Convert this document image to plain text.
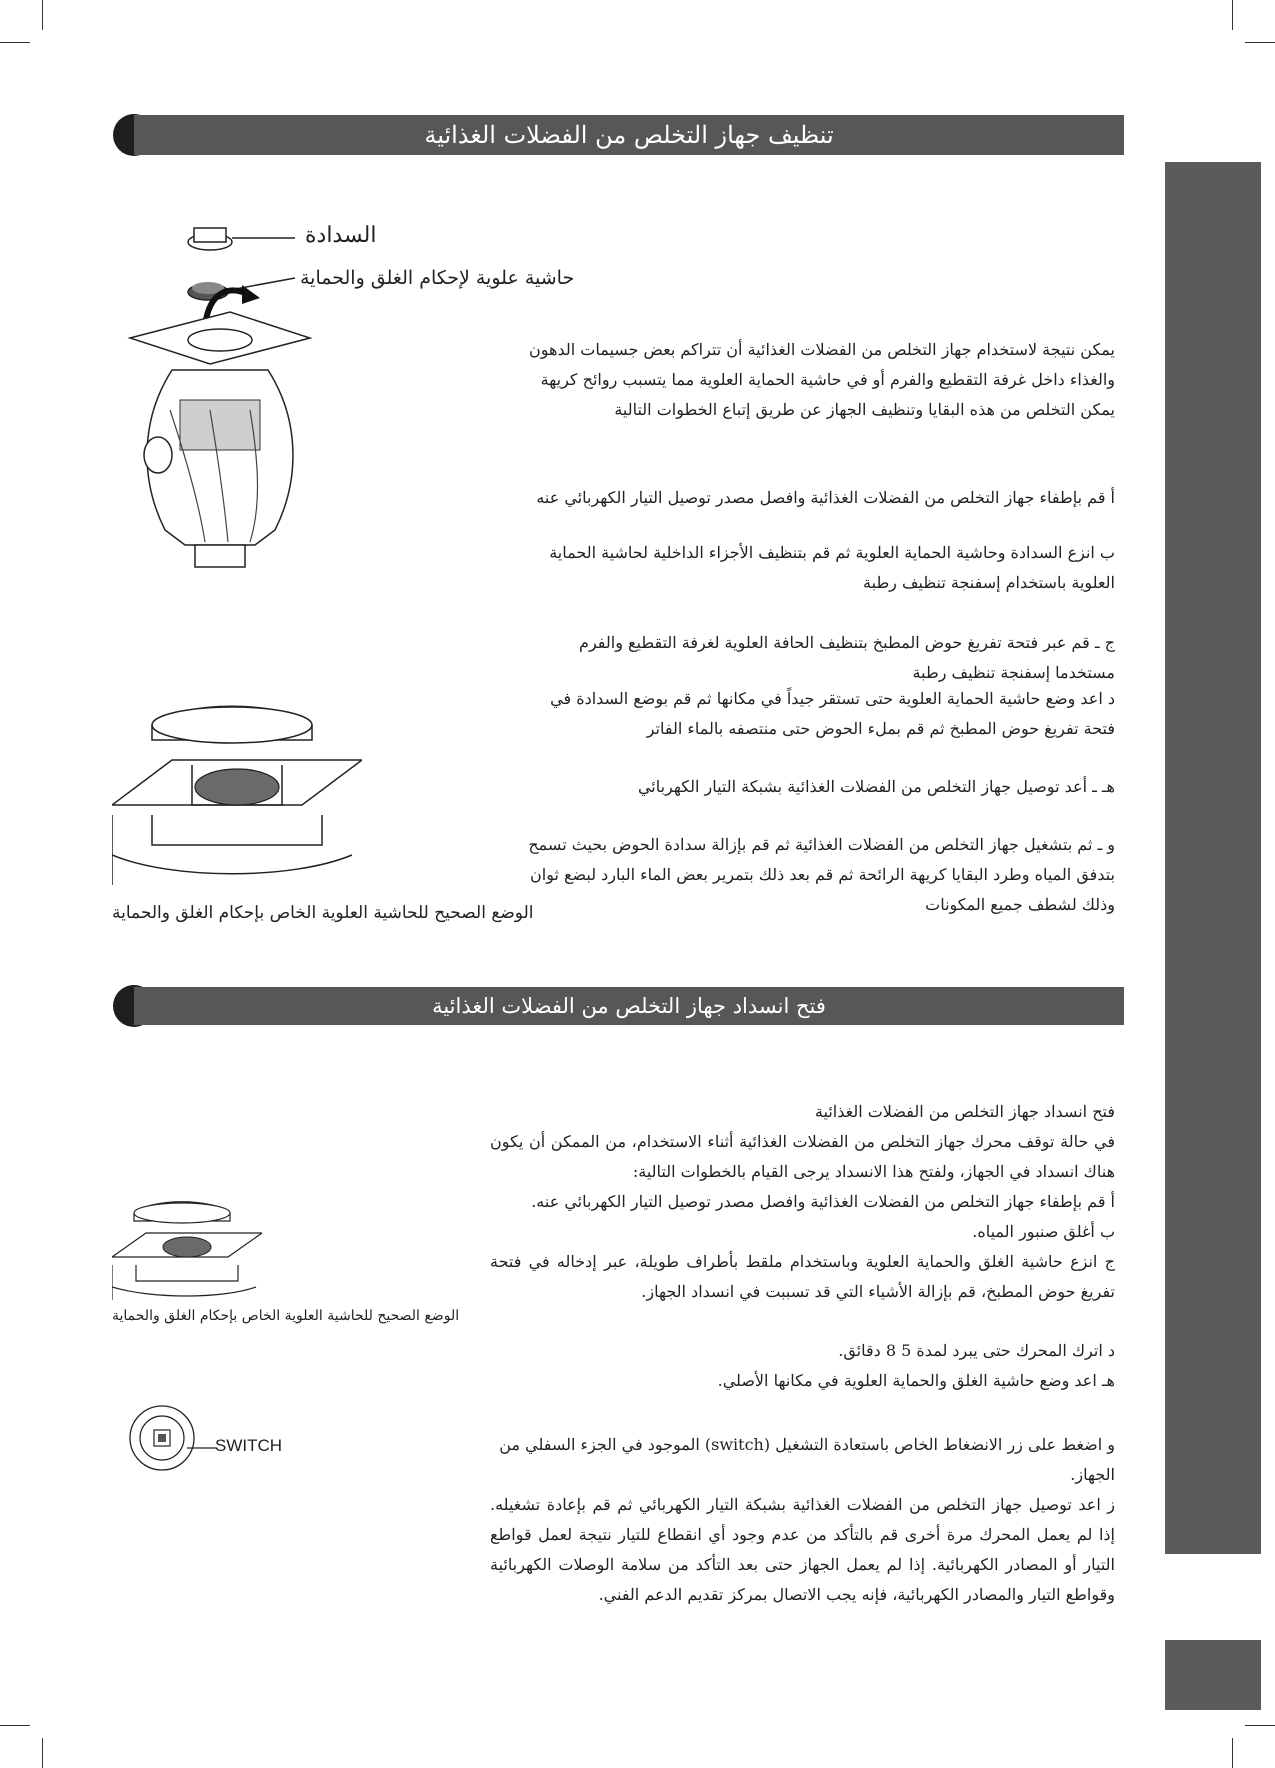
تنظيف جهاز التخلص من الفضلات الغذائية
السدادة
حاشية علوية لإحكام الغلق والحماية
يمكن نتيجة لاستخدام جهاز التخلص من الفضلات الغذائية أن تتراكم بعض جسيمات الدهون والغذاء داخل غرفة التقطيع والفرم أو في حاشية الحماية العلوية مما يتسبب روائح كريهة يمكن التخلص من هذه البقايا وتنظيف الجهاز عن طريق إتباع الخطوات التالية
أ قم بإطفاء جهاز التخلص من الفضلات الغذائية وافصل مصدر توصيل التيار الكهربائي عنه
ب انزع السدادة وحاشية الحماية العلوية ثم قم بتنظيف الأجزاء الداخلية لحاشية الحماية العلوية باستخدام إسفنجة تنظيف رطبة
ج ـ قم عبر فتحة تفريغ حوض المطبخ بتنظيف الحافة العلوية لغرفة التقطيع والفرم مستخدما إسفنجة تنظيف رطبة
د اعد وضع حاشية الحماية العلوية حتى تستقر جيداً في مكانها ثم قم بوضع السدادة في فتحة تفريغ حوض المطبخ ثم قم بملء الحوض حتى منتصفه بالماء الفاتر
هـ ـ أعد توصيل جهاز التخلص من الفضلات الغذائية بشبكة التيار الكهربائي
و ـ ثم بتشغيل جهاز التخلص من الفضلات الغذائية ثم قم بإزالة سدادة الحوض بحيث تسمح بتدفق المياه وطرد البقايا كريهة الرائحة ثم قم بعد ذلك بتمرير بعض الماء البارد لبضع ثوان وذلك لشطف جميع المكونات
الوضع الصحيح للحاشية العلوية الخاص بإحكام الغلق والحماية
فتح انسداد جهاز التخلص من الفضلات الغذائية
فتح انسداد جهاز التخلص من الفضلات الغذائية
في حالة توقف محرك جهاز التخلص من الفضلات الغذائية أثناء الاستخدام، من الممكن أن يكون هناك انسداد في الجهاز، ولفتح هذا الانسداد يرجى القيام بالخطوات التالية:
أ قم بإطفاء جهاز التخلص من الفضلات الغذائية وافصل مصدر توصيل التيار الكهربائي عنه.
ب أغلق صنبور المياه.
ج انزع حاشية الغلق والحماية العلوية وباستخدام ملقط بأطراف طويلة، عبر إدخاله في فتحة تفريغ حوض المطبخ، قم بإزالة الأشياء التي قد تسببت في انسداد الجهاز.
د اترك المحرك حتى يبرد لمدة 5 8 دقائق.
هـ اعد وضع حاشية الغلق والحماية العلوية في مكانها الأصلي.
و اضغط على زر الانضغاط الخاص باستعادة التشغيل (switch) الموجود في الجزء السفلي من الجهاز.
ز اعد توصيل جهاز التخلص من الفضلات الغذائية بشبكة التيار الكهربائي ثم قم بإعادة تشغيله. إذا لم يعمل المحرك مرة أخرى قم بالتأكد من عدم وجود أي انقطاع للتيار نتيجة لعمل قواطع التيار أو المصادر الكهربائية. إذا لم يعمل الجهاز حتى بعد التأكد من سلامة الوصلات الكهربائية وقواطع التيار والمصادر الكهربائية، فإنه يجب الاتصال بمركز تقديم الدعم الفني.
الوضع الصحيح للحاشية العلوية الخاص بإحكام الغلق والحماية
SWITCH
